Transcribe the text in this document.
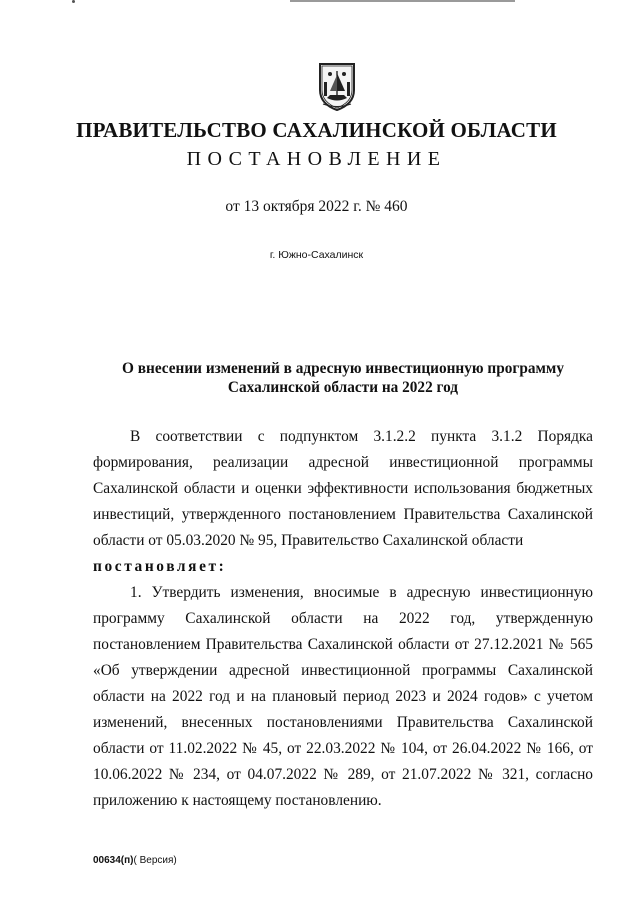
ПРАВИТЕЛЬСТВО САХАЛИНСКОЙ ОБЛАСТИ
ПОСТАНОВЛЕНИЕ
от 13 октября 2022 г. № 460
г. Южно-Сахалинск
О внесении изменений в адресную инвестиционную программу
Сахалинской области на 2022 год

В соответствии с подпунктом 3.1.2.2 пункта 3.1.2 Порядка формирования, реализации адресной инвестиционной программы Сахалинской области и оценки эффективности использования бюджетных инвестиций, утвержденного постановлением Правительства Сахалинской области от 05.03.2020 № 95, Правительство Сахалинской области

постановляет:

1. Утвердить изменения, вносимые в адресную инвестиционную программу Сахалинской области на 2022 год, утвержденную постановлением Правительства Сахалинской области от 27.12.2021 № 565 «Об утверждении адресной инвестиционной программы Сахалинской области на 2022 год и на плановый период 2023 и 2024 годов» с учетом изменений, внесенных постановлениями Правительства Сахалинской области от 11.02.2022 № 45, от 22.03.2022 № 104, от 26.04.2022 № 166, от 10.06.2022 № 234, от 04.07.2022 № 289, от 21.07.2022 № 321, согласно приложению к настоящему постановлению.

00634(п)( Версия)
